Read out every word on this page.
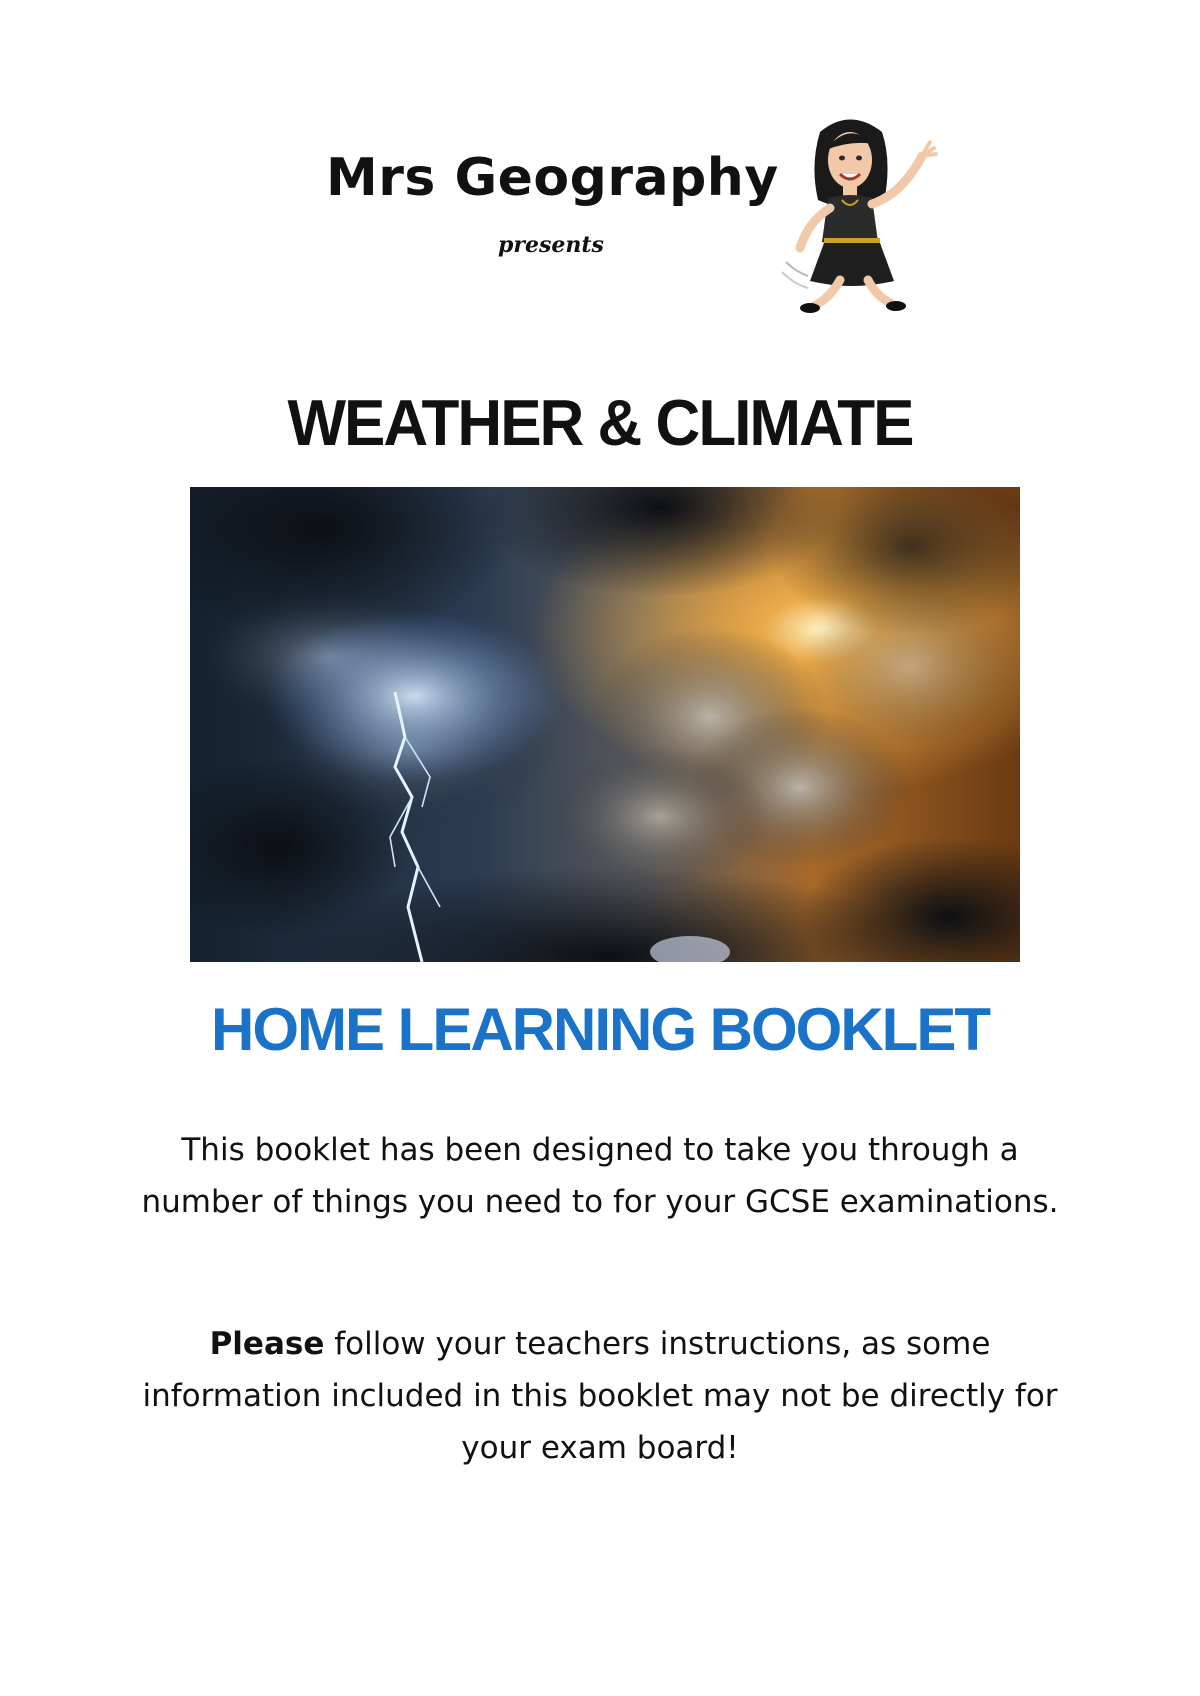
Mrs Geography
presents
WEATHER & CLIMATE
HOME LEARNING BOOKLET
This booklet has been designed to take you through a
number of things you need to for your GCSE examinations.
Please follow your teachers instructions, as some
information included in this booklet may not be directly for
your exam board!
